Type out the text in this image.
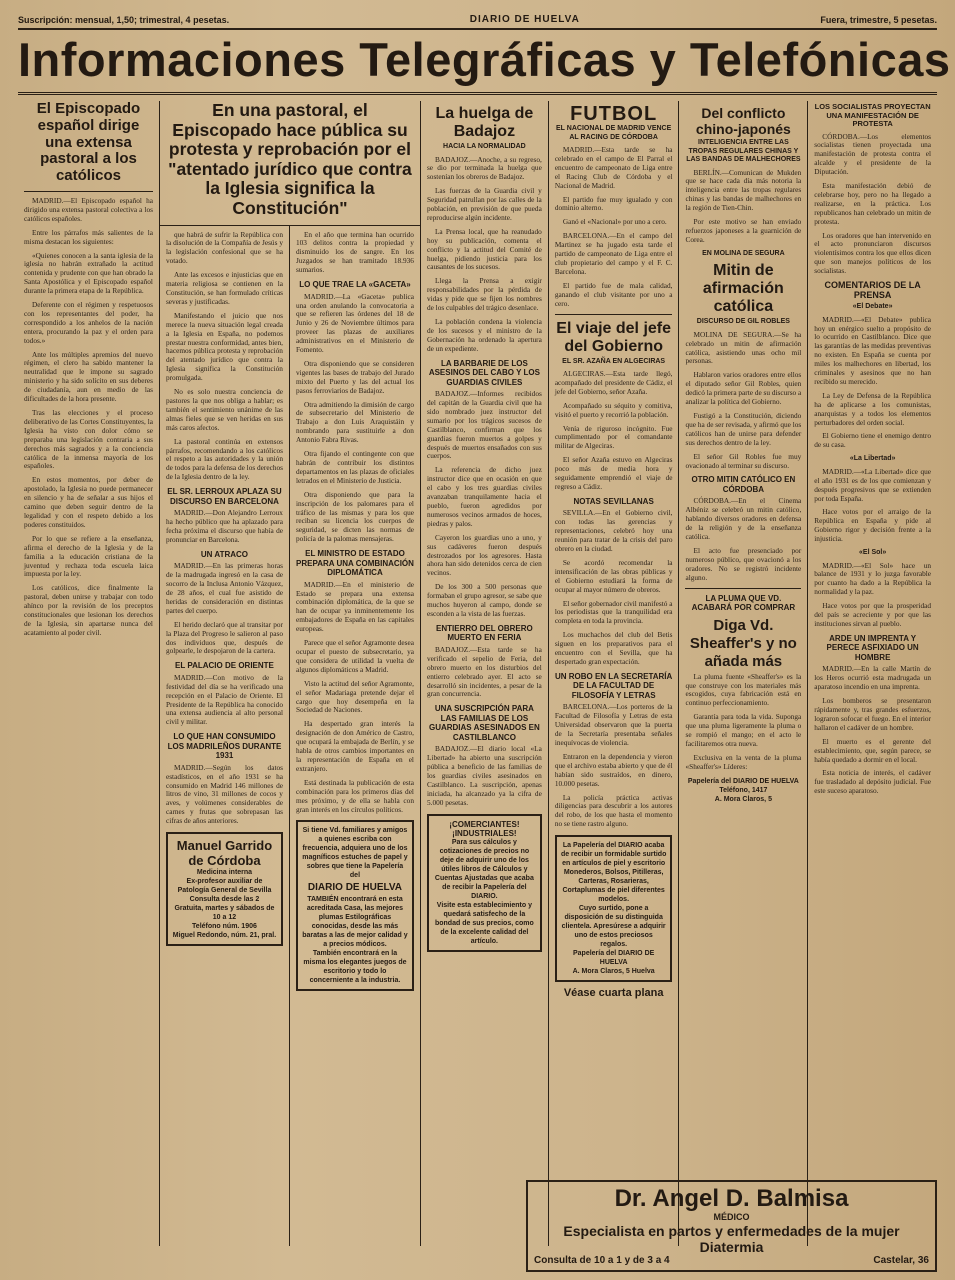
Suscripción: mensual, 1,50; trimestral, 4 pesetas.	DIARIO DE HUELVA	Fuera, trimestre, 5 pesetas.
Informaciones Telegráficas y Telefónicas
El Episcopado español dirige una extensa pastoral a los católicos

MADRID.—El Episcopado español ha dirigido una extensa pastoral colectiva a los católicos españoles.

Entre los párrafos más salientes de la misma destacan los siguientes:

«Quienes conocen a la santa iglesia de la iglesia no habrán extrañado la actitud contenida y prudente con que han obrado la Santa Apostólica y el Episcopado español durante la primera etapa de la República.

Deferente con el régimen y respetuosos con los representantes del poder, ha correspondido a los anhelos de la nación entera, procurando la paz y el orden para todos.»

Ante los múltiples apremios del nuevo régimen, el clero ha sabido mantener la neutralidad que le impone su sagrado ministerio y ha sido solícito en sus deberes de ciudadanía, aun en medio de las dificultades de la hora presente.

Tras las elecciones y el proceso deliberativo de las Cortes Constituyentes, la Iglesia ha visto con dolor cómo se preparaba una legislación contraria a sus derechos más sagrados y a la conciencia católica de la inmensa mayoría de los españoles.

En estos momentos, por deber de apostolado, la Iglesia no puede permanecer en silencio y ha de señalar a sus hijos el camino que deben seguir dentro de la legalidad y con el respeto debido a los poderes constituidos.

Por lo que se refiere a la enseñanza, afirma el derecho de la Iglesia y de la familia a la educación cristiana de la juventud y rechaza toda escuela laica impuesta por la ley.

Los católicos, dice finalmente la pastoral, deben unirse y trabajar con todo ahínco por la revisión de los preceptos constitucionales que lesionan los derechos de la Iglesia, sin apartarse nunca del acatamiento al poder civil.

En una pastoral, el Episcopado hace pública su protesta y reprobación por el "atentado jurídico que contra la Iglesia significa la Constitución"

que habrá de sufrir la República con la disolución de la Compañía de Jesús y la legislación confesional que se ha votado.

Ante las excesos e injusticias que en materia religiosa se contienen en la Constitución, se han formulado críticas severas y justificadas.

Manifestando el juicio que nos merece la nueva situación legal creada a la Iglesia en España, no podemos prestar nuestra conformidad, antes bien, hacemos pública protesta y reprobación del atentado jurídico que contra la Iglesia significa la Constitución promulgada.

No es solo nuestra conciencia de pastores la que nos obliga a hablar; es también el sentimiento unánime de las almas fieles que se ven heridas en sus más caros afectos.

La pastoral continúa en extensos párrafos, recomendando a los católicos el respeto a las autoridades y la unión de todos para la defensa de los derechos de la Iglesia dentro de la ley.

EL SR. LERROUX APLAZA SU DISCURSO EN BARCELONA

MADRID.—Don Alejandro Lerroux ha hecho público que ha aplazado para fecha próxima el discurso que había de pronunciar en Barcelona.

UN ATRACO

MADRID.—En las primeras horas de la madrugada ingresó en la casa de socorro de la Inclusa Antonio Vázquez, de 28 años, el cual fue asistido de heridas de consideración en distintas partes del cuerpo.

El herido declaró que al transitar por la Plaza del Progreso le salieron al paso dos individuos que, después de golpearle, le despojaron de la cartera.

EL PALACIO DE ORIENTE

MADRID.—Con motivo de la festividad del día se ha verificado una recepción en el Palacio de Oriente. El Presidente de la República ha conocido una extensa audiencia al alto personal civil y militar.

LO QUE HAN CONSUMIDO LOS MADRILEÑOS DURANTE 1931

MADRID.—Según los datos estadísticos, en el año 1931 se ha consumido en Madrid 146 millones de litros de vino, 31 millones de cocos y aves, y volúmenes considerables de carnes y frutas que sobrepasan las cifras de años anteriores.

Manuel Garrido de Córdoba
Medicina interna
Ex-profesor auxiliar de Patología General de Sevilla
Consulta desde las 2
Gratuita, martes y sábados de 10 a 12
Teléfono núm. 1906
Miguel Redondo, núm. 21, pral.

En el año que termina han ocurrido 103 delitos contra la propiedad y disminuido los de sangre. En los Juzgados se han tramitado 18.936 sumarios.

LO QUE TRAE LA «GACETA»

MADRID.—La «Gaceta» publica una orden anulando la convocatoria a que se refieren las órdenes del 18 de Junio y 26 de Noviembre últimos para proveer las plazas de auxiliares administrativos en el Ministerio de Fomento.

Otra disponiendo que se consideren vigentes las bases de trabajo del Jurado mixto del Puerto y las del actual los pasos ferroviarios de Badajoz.

Otra admitiendo la dimisión de cargo de subsecretario del Ministerio de Trabajo a don Luis Araquistáin y nombrando para sustituirle a don Antonio Fabra Rivas.

Otra fijando el contingente con que habrán de contribuir los distintos departamentos en las plazas de oficiales letrados en el Ministerio de Justicia.

Otra disponiendo que para la inscripción de los palomares para el tráfico de las mismas y para los que reciban su licencia los cuerpos de seguridad, se dicten las normas de policía de la palomas mensajeras.

EL MINISTRO DE ESTADO PREPARA UNA COMBINACIÓN DIPLOMÁTICA

MADRID.—En el ministerio de Estado se prepara una extensa combinación diplomática, de la que se han de ocupar ya inminentemente los embajadores de España en las capitales europeas.

Parece que el señor Agramonte desea ocupar el puesto de subsecretario, ya que considera de utilidad la vuelta de algunos diplomáticos a Madrid.

Visto la actitud del señor Agramonte, el señor Madariaga pretende dejar el cargo que hoy desempeña en la Sociedad de Naciones.

Ha despertado gran interés la designación de don Américo de Castro, que ocupará la embajada de Berlín, y se habla de otros cambios importantes en la representación de España en el extranjero.

Está destinada la publicación de esta combinación para los primeros días del mes próximo, y de ella se habla con gran interés en los círculos políticos.

Si tiene Vd. familiares y amigos a quienes escriba con frecuencia, adquiera uno de los magníficos estuches de papel y sobres que tiene la Papelería del
DIARIO DE HUELVA
TAMBIÉN encontrará en esta acreditada Casa, las mejores plumas Estilográficas conocidas, desde las más baratas a las de mejor calidad y a precios módicos.
También encontrará en la misma los elegantes juegos de escritorio y todo lo concerniente a la industria.
La huelga de Badajoz
HACIA LA NORMALIDAD

BADAJOZ.—Anoche, a su regreso, se dio por terminada la huelga que sostenían los obreros de Badajoz.

Las fuerzas de la Guardia civil y Seguridad patrullan por las calles de la población, en previsión de que pueda reproducirse algún incidente.

La Prensa local, que ha reanudado hoy su publicación, comenta el conflicto y la actitud del Comité de huelga, pidiendo justicia para los causantes de los sucesos.

Llega la Prensa a exigir responsabilidades por la pérdida de vidas y pide que se fijen los nombres de los culpables del trágico desenlace.

La población condena la violencia de los sucesos y el ministro de la Gobernación ha ordenado la apertura de un expediente.

LA BARBARIE DE LOS ASESINOS DEL CABO Y LOS GUARDIAS CIVILES

BADAJOZ.—Informes recibidos del capitán de la Guardia civil que ha sido nombrado juez instructor del sumario por los trágicos sucesos de Castilblanco, confirman que los guardias fueron muertos a golpes y después de muertos ensañados con sus cuerpos.

La referencia de dicho juez instructor dice que en ocasión en que el cabo y los tres guardias civiles avanzaban tranquilamente hacia el pueblo, fueron agredidos por numerosos vecinos armados de hoces, piedras y palos.

Cayeron los guardias uno a uno, y sus cadáveres fueron después destrozados por los agresores. Hasta ahora han sido detenidos cerca de cien vecinos.

De los 300 a 500 personas que formaban el grupo agresor, se sabe que muchos huyeron al campo, donde se esconden a la vista de las fuerzas.

ENTIERRO DEL OBRERO MUERTO EN FERIA

BADAJOZ.—Esta tarde se ha verificado el sepelio de Feria, del obrero muerto en los disturbios del entierro celebrado ayer. El acto se desarrolló sin incidentes, a pesar de la gran concurrencia.

UNA SUSCRIPCIÓN PARA LAS FAMILIAS DE LOS GUARDIAS ASESINADOS EN CASTILBLANCO

BADAJOZ.—El diario local «La Libertad» ha abierto una suscripción pública a beneficio de las familias de los guardias civiles asesinados en Castilblanco. La suscripción, apenas iniciada, ha alcanzado ya la cifra de 5.000 pesetas.

¡COMERCIANTES! ¡INDUSTRIALES!
Para sus cálculos y cotizaciones de precios no deje de adquirir uno de los útiles libros de Cálculos y Cuentas Ajustadas que acaba de recibir la Papelería del DIARIO.
Visite esta establecimiento y quedará satisfecho de la bondad de sus precios, como de la excelente calidad del artículo.
FUTBOL
EL NACIONAL DE MADRID VENCE AL RACING DE CÓRDOBA

MADRID.—Esta tarde se ha celebrado en el campo de El Parral el encuentro de campeonato de Liga entre el Racing Club de Córdoba y el Nacional de Madrid.

El partido fue muy igualado y con dominio alterno.

Ganó el «Nacional» por uno a cero.

BARCELONA.—En el campo del Martinez se ha jugado esta tarde el partido de campeonato de Liga entre el club propietario del campo y el F. C. Barcelona.

El partido fue de mala calidad, ganando el club visitante por uno a cero.

El viaje del jefe del Gobierno
EL SR. AZAÑA EN ALGECIRAS

ALGECIRAS.—Esta tarde llegó, acompañado del presidente de Cádiz, el jefe del Gobierno, señor Azaña.

Acompañado su séquito y comitiva, visitó el puerto y recorrió la población.

Venía de riguroso incógnito. Fue cumplimentado por el comandante militar de Algeciras.

El señor Azaña estuvo en Algeciras poco más de media hora y seguidamente emprendió el viaje de regreso a Cádiz.

NOTAS SEVILLANAS

SEVILLA.—En el Gobierno civil, con todas las gerencias y representaciones, celebró hoy una reunión para tratar de la crisis del paro obrero en la ciudad.

Se acordó recomendar la intensificación de las obras públicas y el Gobierno estudiará la forma de ocupar al mayor número de obreros.

El señor gobernador civil manifestó a los periodistas que la tranquilidad era completa en toda la provincia.

Los muchachos del club del Betis siguen en los preparativos para el encuentro con el Sevilla, que ha despertado gran expectación.

UN ROBO EN LA SECRETARÍA DE LA FACULTAD DE FILOSOFÍA Y LETRAS

BARCELONA.—Los porteros de la Facultad de Filosofía y Letras de esta Universidad observaron que la puerta de la Secretaría presentaba señales inequívocas de violencia.

Entraron en la dependencia y vieron que el archivo estaba abierto y que de él habían sido sustraídos, en dinero, 10.000 pesetas.

La policía práctica activas diligencias para descubrir a los autores del robo, de los que hasta el momento no se tiene rastro alguno.

La Papelería del DIARIO acaba de recibir un formidable surtido en artículos de piel y escritorio
Monederos, Bolsos, Pitilleras, Carteras, Rosarieras, Cortaplumas de piel diferentes modelos.
Cuyo surtido, pone a disposición de su distinguida clientela. Apresúrese a adquirir uno de estos preciosos regalos.
Papelería del DIARIO DE HUELVA
A. Mora Claros, 5 Huelva
Véase cuarta plana
Del conflicto chino-japonés
INTELIGENCIA ENTRE LAS TROPAS REGULARES CHINAS Y LAS BANDAS DE MALHECHORES

BERLÍN.—Comunican de Mukden que se hace cada día más notoria la inteligencia entre las tropas regulares chinas y las bandas de malhechores en la región de Tien-Chin.

Por este motivo se han enviado refuerzos japoneses a la guarnición de Corea.

EN MOLINA DE SEGURA
Mitin de afirmación católica
DISCURSO DE GIL ROBLES

MOLINA DE SEGURA.—Se ha celebrado un mitin de afirmación católica, asistiendo unas ocho mil personas.

Hablaron varios oradores entre ellos el diputado señor Gil Robles, quien dedicó la primera parte de su discurso a analizar la política del Gobierno.

Fustigó a la Constitución, diciendo que ha de ser revisada, y afirmó que los católicos han de unirse para defender sus derechos dentro de la ley.

El señor Gil Robles fue muy ovacionado al terminar su discurso.

OTRO MITIN CATÓLICO EN CÓRDOBA

CÓRDOBA.—En el Cinema Albéniz se celebró un mitin católico, hablando diversos oradores en defensa de la religión y de la enseñanza católica.

El acto fue presenciado por numeroso público, que ovacionó a los oradores. No se registró incidente alguno.

LA PLUMA QUE VD. ACABARÁ POR COMPRAR
Diga Vd. Sheaffer's y no añada más

La pluma fuente «Sheaffer's» es la que construye con los materiales más escogidos, cuya fabricación está en continuo perfeccionamiento.

Garantía para toda la vida. Suponga que una pluma ligeramente la pluma o se rompió el mango; en el acto le facilitaremos otra nueva.

Exclusiva en la venta de la pluma «Sheaffer's» Líderes:

Papelería del DIARIO DE HUELVA
Teléfono, 1417
A. Mora Claros, 5
LOS SOCIALISTAS PROYECTAN UNA MANIFESTACIÓN DE PROTESTA

CÓRDOBA.—Los elementos socialistas tienen proyectada una manifestación de protesta contra el alcalde y el presidente de la Diputación.

Esta manifestación debió de celebrarse hoy, pero no ha llegado a realizarse, en la práctica. Los republicanos han celebrado un mitin de protesta.

Los oradores que han intervenido en el acto pronunciaron discursos violentísimos contra los que ellos dicen que son manejos políticos de los socialistas.

COMENTARIOS DE LA PRENSA
«El Debate»

MADRID.—«El Debate» publica hoy un enérgico suelto a propósito de lo ocurrido en Castilblanco. Dice que las garantías de las medidas preventivas no existen. En España se cuenta por miles los malhechores en libertad, los criminales y asesinos que no han recibido su merecido.

La Ley de Defensa de la República ha de aplicarse a los comunistas, anarquistas y a todos los elementos perturbadores del orden social.

El Gobierno tiene el enemigo dentro de su casa.

«La Libertad»

MADRID.—«La Libertad» dice que el año 1931 es de los que comienzan y después progresivos que se extienden por toda España.

Hace votos por el arraigo de la República en España y pide al Gobierno rigor y decisión frente a la injusticia.

«El Sol»

MADRID.—«El Sol» hace un balance de 1931 y lo juzga favorable por cuanto ha dado a la República la normalidad y la paz.

Hace votos por que la prosperidad del país se acreciente y por que las instituciones sirvan al pueblo.

ARDE UN IMPRENTA Y PERECE ASFIXIADO UN HOMBRE

MADRID.—En la calle Martín de los Heros ocurrió esta madrugada un aparatoso incendio en una imprenta.

Los bomberos se presentaron rápidamente y, tras grandes esfuerzos, lograron sofocar el fuego. En el interior hallaron el cadáver de un hombre.

El muerto es el gerente del establecimiento, que, según parece, se había quedado a dormir en el local.

Esta noticia de interés, el cadáver fue trasladado al depósito judicial. Fue este suceso aparatoso.

Dr. Angel D. Balmisa
MÉDICO
Especialista en partos y enfermedades de la mujer
Diatermia
Consulta de 10 a 1 y de 3 a 4	Castelar, 36
